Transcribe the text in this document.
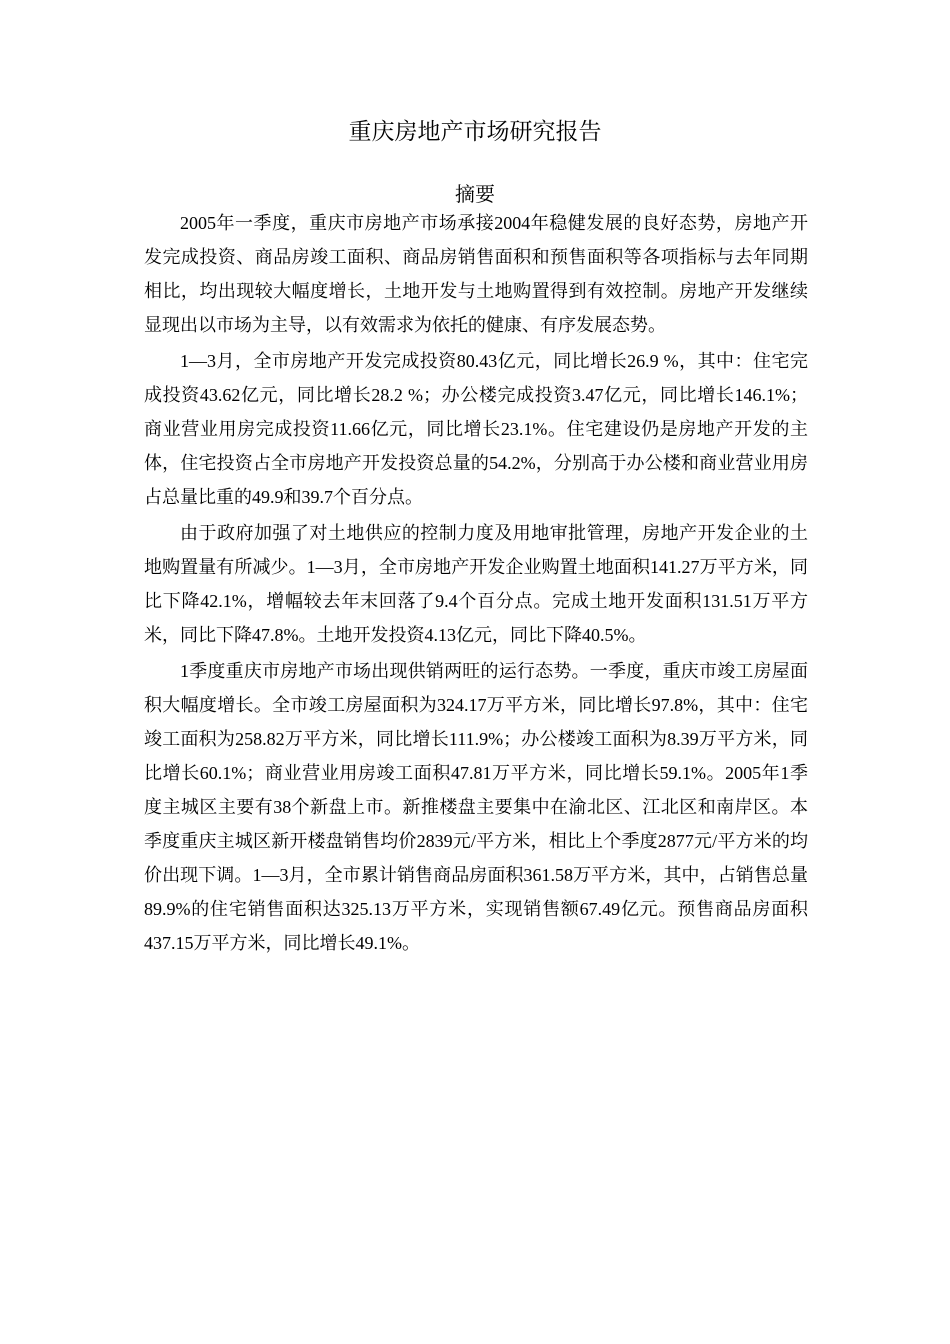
重庆房地产市场研究报告
摘要

2005年一季度，重庆市房地产市场承接2004年稳健发展的良好态势，房地产开发完成投资、商品房竣工面积、商品房销售面积和预售面积等各项指标与去年同期相比，均出现较大幅度增长，土地开发与土地购置得到有效控制。房地产开发继续显现出以市场为主导，以有效需求为依托的健康、有序发展态势。

1—3月，全市房地产开发完成投资80.43亿元，同比增长26.9 %，其中：住宅完成投资43.62亿元，同比增长28.2 %；办公楼完成投资3.47亿元，同比增长146.1%；商业营业用房完成投资11.66亿元，同比增长23.1%。住宅建设仍是房地产开发的主体，住宅投资占全市房地产开发投资总量的54.2%，分别高于办公楼和商业营业用房占总量比重的49.9和39.7个百分点。

由于政府加强了对土地供应的控制力度及用地审批管理，房地产开发企业的土地购置量有所减少。1—3月，全市房地产开发企业购置土地面积141.27万平方米，同比下降42.1%，增幅较去年末回落了9.4个百分点。完成土地开发面积131.51万平方米，同比下降47.8%。土地开发投资4.13亿元，同比下降40.5%。

1季度重庆市房地产市场出现供销两旺的运行态势。一季度，重庆市竣工房屋面积大幅度增长。全市竣工房屋面积为324.17万平方米，同比增长97.8%，其中：住宅竣工面积为258.82万平方米，同比增长111.9%；办公楼竣工面积为8.39万平方米，同比增长60.1%；商业营业用房竣工面积47.81万平方米，同比增长59.1%。2005年1季度主城区主要有38个新盘上市。新推楼盘主要集中在渝北区、江北区和南岸区。本季度重庆主城区新开楼盘销售均价2839元/平方米，相比上个季度2877元/平方米的均价出现下调。1—3月，全市累计销售商品房面积361.58万平方米，其中，占销售总量89.9%的住宅销售面积达325.13万平方米，实现销售额67.49亿元。预售商品房面积437.15万平方米，同比增长49.1%。
